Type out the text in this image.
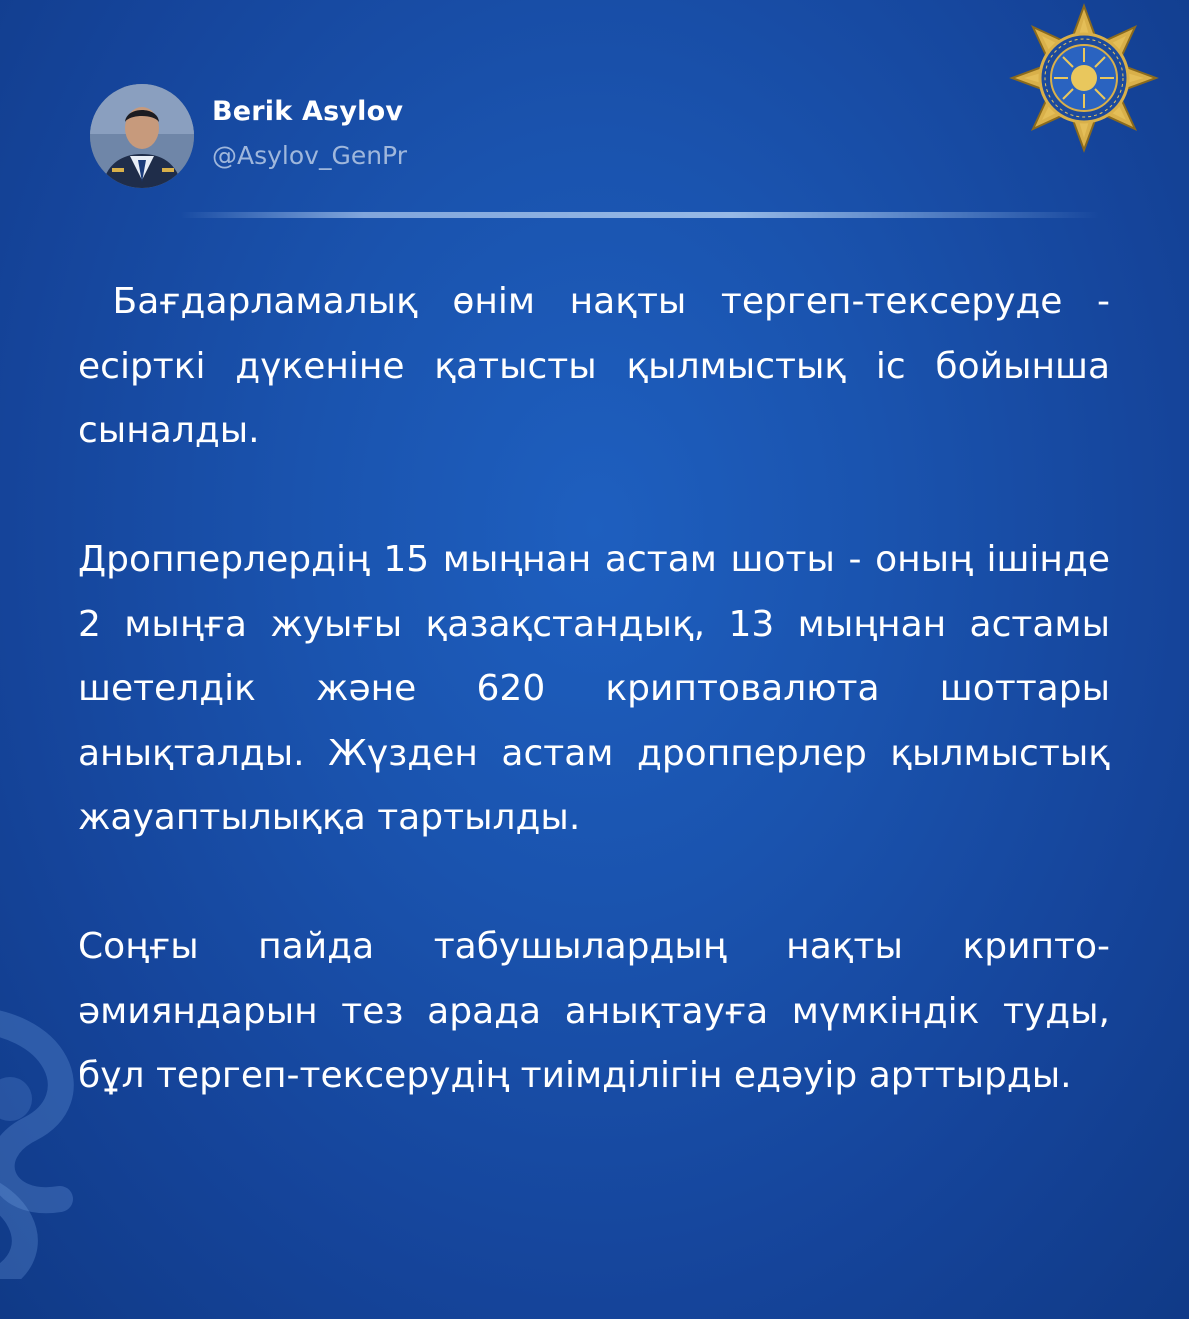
Berik Asylov
@Asylov_GenPr

Бағдарламалық өнім нақты тергеп-тексеруде - есірткі дүкеніне қатысты қылмыстық іс бойынша сыналды.

Дропперлердің 15 мыңнан астам шоты - оның ішінде 2 мыңға жуығы қазақстандық, 13 мыңнан астамы шетелдік және 620 криптовалюта шоттары анықталды. Жүзден астам дропперлер қылмыстық жауаптылыққа тартылды.

Соңғы пайда табушылардың нақты крипто-әмияндарын тез арада анықтауға мүмкіндік туды, бұл тергеп-тексерудің тиімділігін едәуір арттырды.
